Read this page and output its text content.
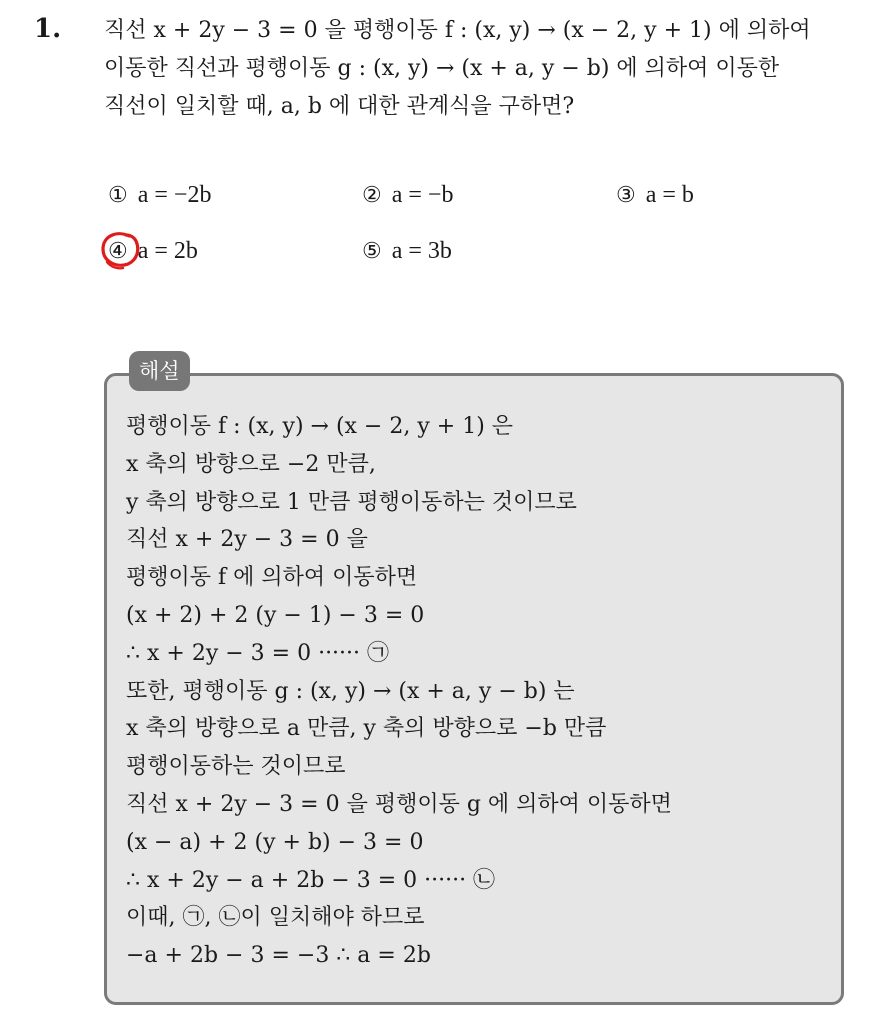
1. 직선 x + 2y − 3 = 0 을 평행이동 f : (x, y) → (x − 2, y + 1) 에 의하여
이동한 직선과 평행이동 g : (x, y) → (x + a, y − b) 에 의하여 이동한
직선이 일치할 때, a, b 에 대한 관계식을 구하면?
① a = −2b	② a = −b	③ a = b
④ a = 2b	⑤ a = 3b
해설
평행이동 f : (x, y) → (x − 2, y + 1) 은
x 축의 방향으로 −2 만큼,
y 축의 방향으로 1 만큼 평행이동하는 것이므로
직선 x + 2y − 3 = 0 을
평행이동 f 에 의하여 이동하면
(x + 2) + 2 (y − 1) − 3 = 0
∴ x + 2y − 3 = 0 ······ ㉠
또한, 평행이동 g : (x, y) → (x + a, y − b) 는
x 축의 방향으로 a 만큼, y 축의 방향으로 −b 만큼
평행이동하는 것이므로
직선 x + 2y − 3 = 0 을 평행이동 g 에 의하여 이동하면
(x − a) + 2 (y + b) − 3 = 0
∴ x + 2y − a + 2b − 3 = 0 ······ ㉡
이때, ㉠, ㉡이 일치해야 하므로
−a + 2b − 3 = −3 ∴ a = 2b
